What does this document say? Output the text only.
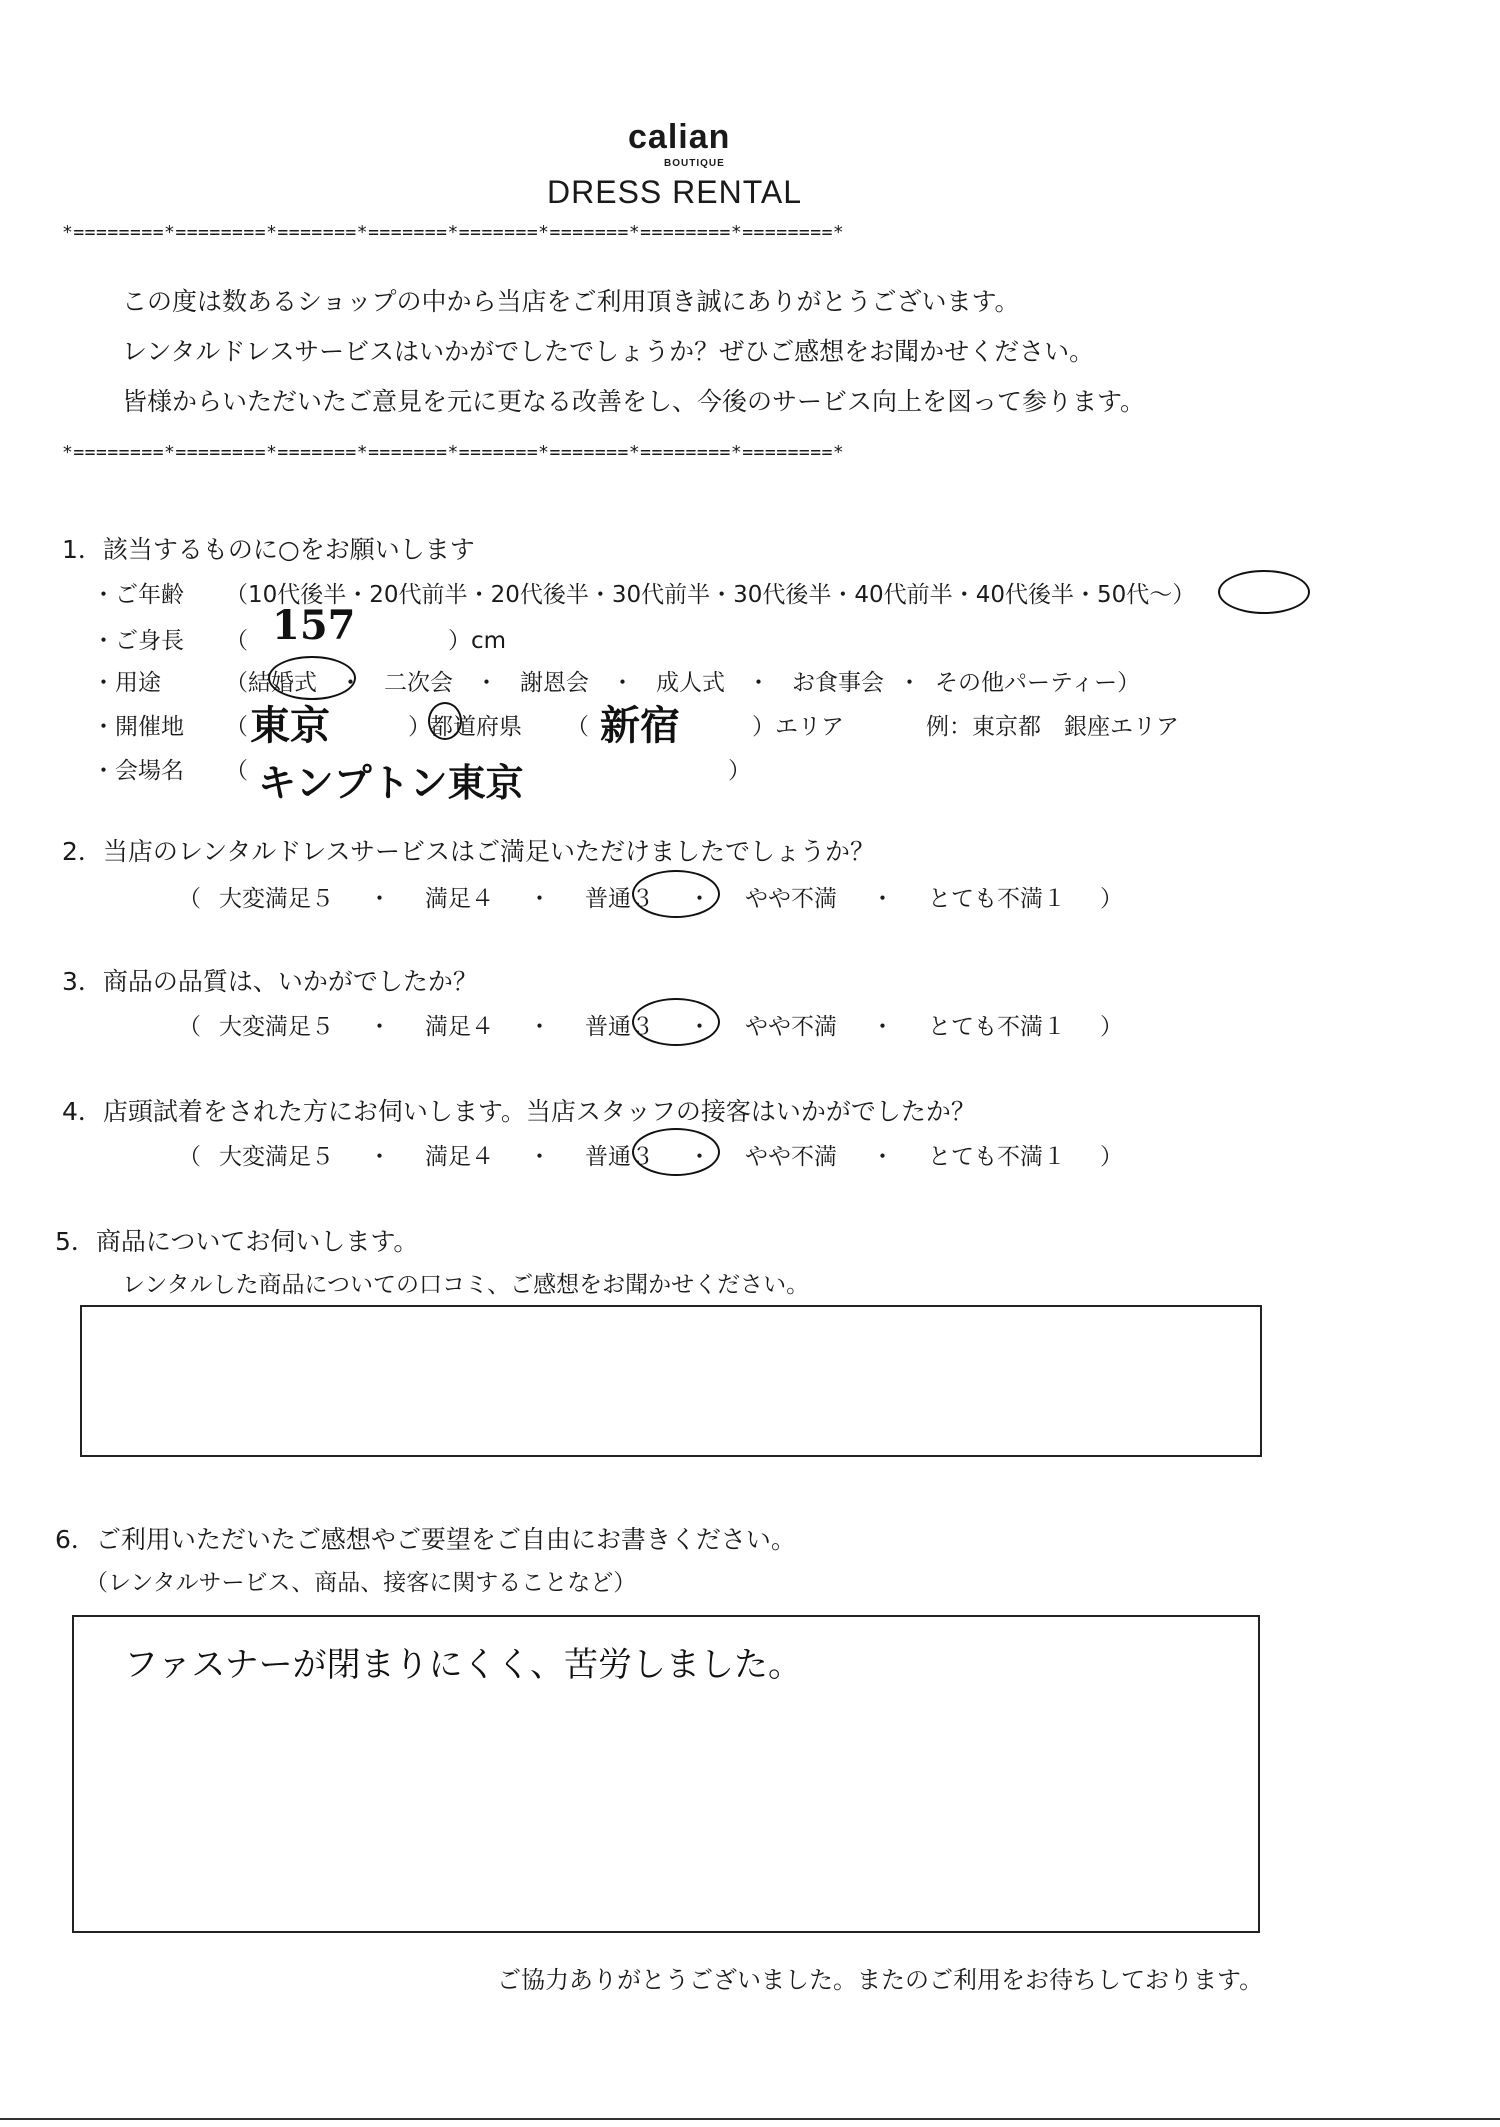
calian
BOUTIQUE
DRESS RENTAL
*========*========*=======*=======*=======*=======*========*========*
この度は数あるショップの中から当店をご利用頂き誠にありがとうございます。
レンタルドレスサービスはいかがでしたでしょうか？ぜひご感想をお聞かせください。
皆様からいただいたご意見を元に更なる改善をし、今後のサービス向上を図って参ります。
*========*========*=======*=======*=======*=======*========*========*
1．該当するものに○をお願いします
・ご年齢 （10代後半・20代前半・20代後半・30代前半・30代後半・40代前半・40代後半・50代～）
・ご身長 （ 157	）cm
・用途	（結婚式 ・ 二次会 ・ 謝恩会 ・ 成人式 ・ お食事会 ・ その他パーティー）
・開催地 （ 東京	） 都道府県 （ 新宿	）エリア	例：東京都　銀座エリア
・会場名 （ キンプトン東京	）
2．当店のレンタルドレスサービスはご満足いただけましたでしょうか？
（ 大変満足５ ・ 満足４ ・ 普通３ ・ やや不満 ・ とても不満１ ）
3．商品の品質は、いかがでしたか？
（ 大変満足５ ・ 満足４ ・ 普通３ ・ やや不満 ・ とても不満１ ）
4．店頭試着をされた方にお伺いします。当店スタッフの接客はいかがでしたか？
（ 大変満足５ ・ 満足４ ・ 普通３ ・ やや不満 ・ とても不満１ ）
5．商品についてお伺いします。
レンタルした商品についての口コミ、ご感想をお聞かせください。
6．ご利用いただいたご感想やご要望をご自由にお書きください。
（レンタルサービス、商品、接客に関することなど）
ファスナーが閉まりにくく、苦労しました。
ご協力ありがとうございました。またのご利用をお待ちしております。
